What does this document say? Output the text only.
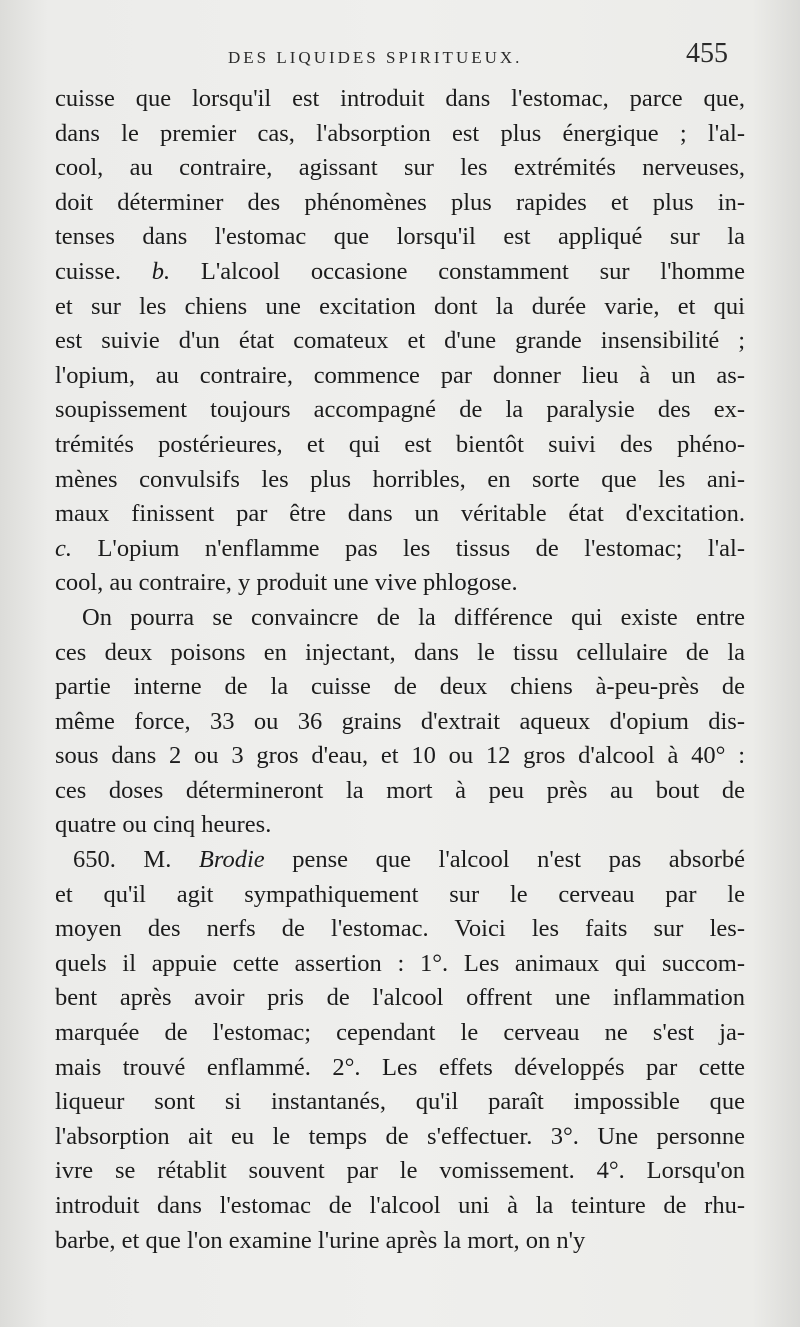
DES LIQUIDES SPIRITUEUX.	455
cuisse que lorsqu'il est introduit dans l'estomac, parce que,
dans le premier cas, l'absorption est plus énergique ; l'al-
cool, au contraire, agissant sur les extrémités nerveuses,
doit déterminer des phénomènes plus rapides et plus in-
tenses dans l'estomac que lorsqu'il est appliqué sur la
cuisse. b. L'alcool occasione constamment sur l'homme
et sur les chiens une excitation dont la durée varie, et qui
est suivie d'un état comateux et d'une grande insensibilité ;
l'opium, au contraire, commence par donner lieu à un as-
soupissement toujours accompagné de la paralysie des ex-
trémités postérieures, et qui est bientôt suivi des phéno-
mènes convulsifs les plus horribles, en sorte que les ani-
maux finissent par être dans un véritable état d'excitation.
c. L'opium n'enflamme pas les tissus de l'estomac; l'al-
cool, au contraire, y produit une vive phlogose.
On pourra se convaincre de la différence qui existe entre
ces deux poisons en injectant, dans le tissu cellulaire de la
partie interne de la cuisse de deux chiens à-peu-près de
même force, 33 ou 36 grains d'extrait aqueux d'opium dis-
sous dans 2 ou 3 gros d'eau, et 10 ou 12 gros d'alcool à 40° :
ces doses détermineront la mort à peu près au bout de
quatre ou cinq heures.
650. M. Brodie pense que l'alcool n'est pas absorbé
et qu'il agit sympathiquement sur le cerveau par le
moyen des nerfs de l'estomac. Voici les faits sur les-
quels il appuie cette assertion : 1°. Les animaux qui succom-
bent après avoir pris de l'alcool offrent une inflammation
marquée de l'estomac; cependant le cerveau ne s'est ja-
mais trouvé enflammé. 2°. Les effets développés par cette
liqueur sont si instantanés, qu'il paraît impossible que
l'absorption ait eu le temps de s'effectuer. 3°. Une personne
ivre se rétablit souvent par le vomissement. 4°. Lorsqu'on
introduit dans l'estomac de l'alcool uni à la teinture de rhu-
barbe, et que l'on examine l'urine après la mort, on n'y
